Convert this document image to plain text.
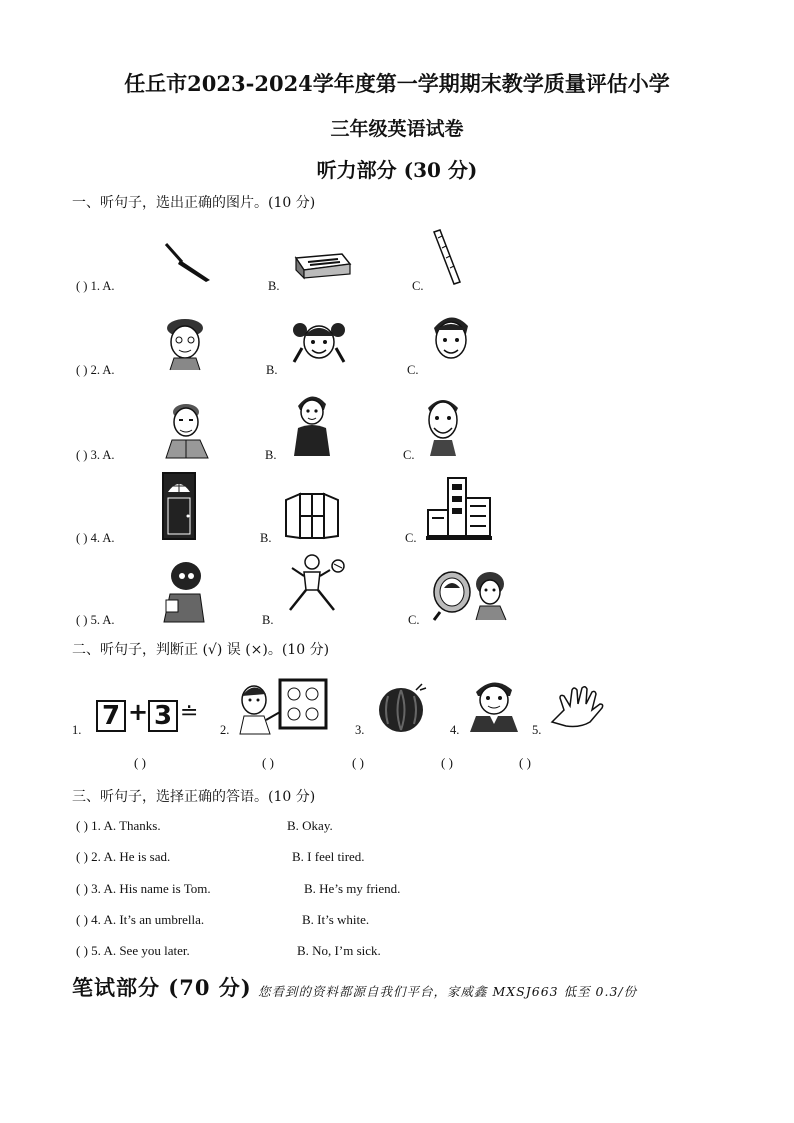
任丘市2023-2024学年度第一学期期末教学质量评估小学
三年级英语试卷
听力部分 (30 分)
一、听句子，选出正确的图片。(10 分)
( ) 1. A.	B.	C.
( ) 2. A.	B.	C.
( ) 3. A.	B.	C.
( ) 4. A.	B.	C.
( ) 5. A.	B.	C.
二、听句子，判断正 (√) 误 (×)。(10 分)
1. 7 + 3 ≐
2.	3.	4.	5.
( )	( )	( )	( )	( )
三、听句子，选择正确的答语。(10 分)
( ) 1. A. Thanks.	B. Okay.
( ) 2. A. He is sad.	B. I feel tired.
( ) 3. A. His name is Tom.	B. He’s my friend.
( ) 4. A. It’s an umbrella.	B. It’s white.
( ) 5. A. See you later.	B. No, I’m sick.
笔试部分 (70 分) 您看到的资料都源自我们平台，家威鑫 MXSJ663 低至 0.3/份
